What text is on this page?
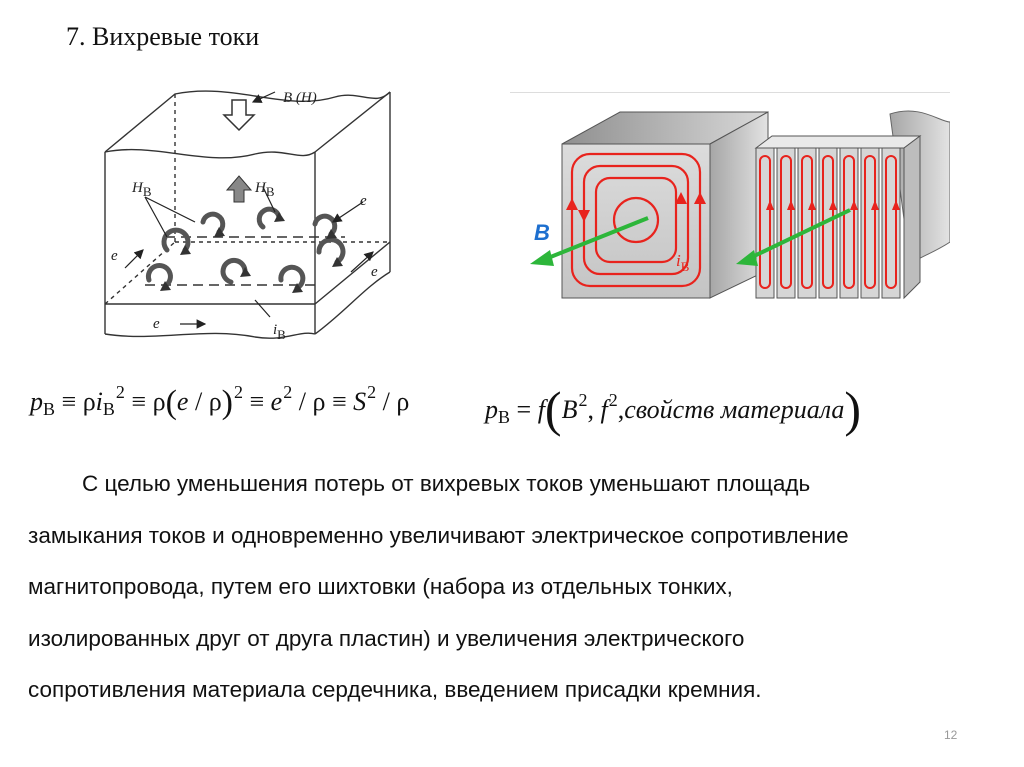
7. Вихревые токи
B (H)
НВ	НВ
e
e
e
e
iВ
B
$i_В$
$p_В \equiv \rho i_В^2 \equiv \rho(e / \rho)^2 \equiv e^2 / \rho \equiv S^2 / \rho$	$p_В = f(B^2$, $f^2,свойств$ материала)
С целью уменьшения потерь от вихревых токов уменьшают площадь
замыкания токов и одновременно увеличивают электрическое сопротивление
магнитопровода, путем его шихтовки (набора из отдельных тонких,
изолированных друг от друга пластин) и увеличения электрического
сопротивления материала сердечника, введением присадки кремния.
12
